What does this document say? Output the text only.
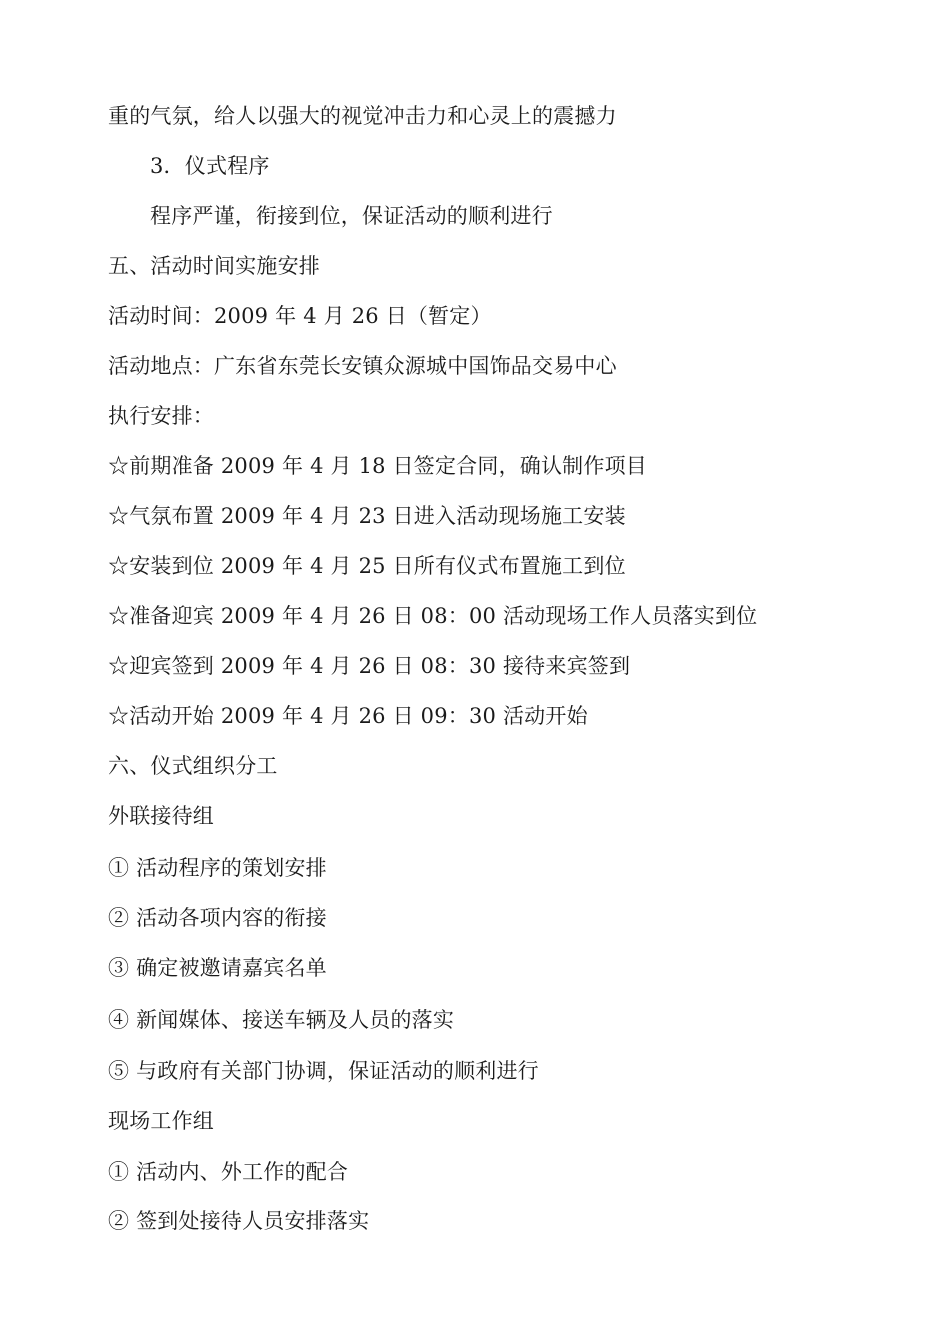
重的气氛，给人以强大的视觉冲击力和心灵上的震撼力
3．仪式程序
程序严谨，衔接到位，保证活动的顺利进行
五、活动时间实施安排
活动时间：2009 年 4 月 26 日（暂定）
活动地点：广东省东莞长安镇众源城中国饰品交易中心
执行安排：
☆前期准备 2009 年 4 月 18 日签定合同，确认制作项目
☆气氛布置 2009 年 4 月 23 日进入活动现场施工安装
☆安装到位 2009 年 4 月 25 日所有仪式布置施工到位
☆准备迎宾 2009 年 4 月 26 日 08：00 活动现场工作人员落实到位
☆迎宾签到 2009 年 4 月 26 日 08：30 接待来宾签到
☆活动开始 2009 年 4 月 26 日 09：30 活动开始
六、仪式组织分工
外联接待组
① 活动程序的策划安排
② 活动各项内容的衔接
③ 确定被邀请嘉宾名单
④ 新闻媒体、接送车辆及人员的落实
⑤ 与政府有关部门协调，保证活动的顺利进行
现场工作组
① 活动内、外工作的配合
② 签到处接待人员安排落实
